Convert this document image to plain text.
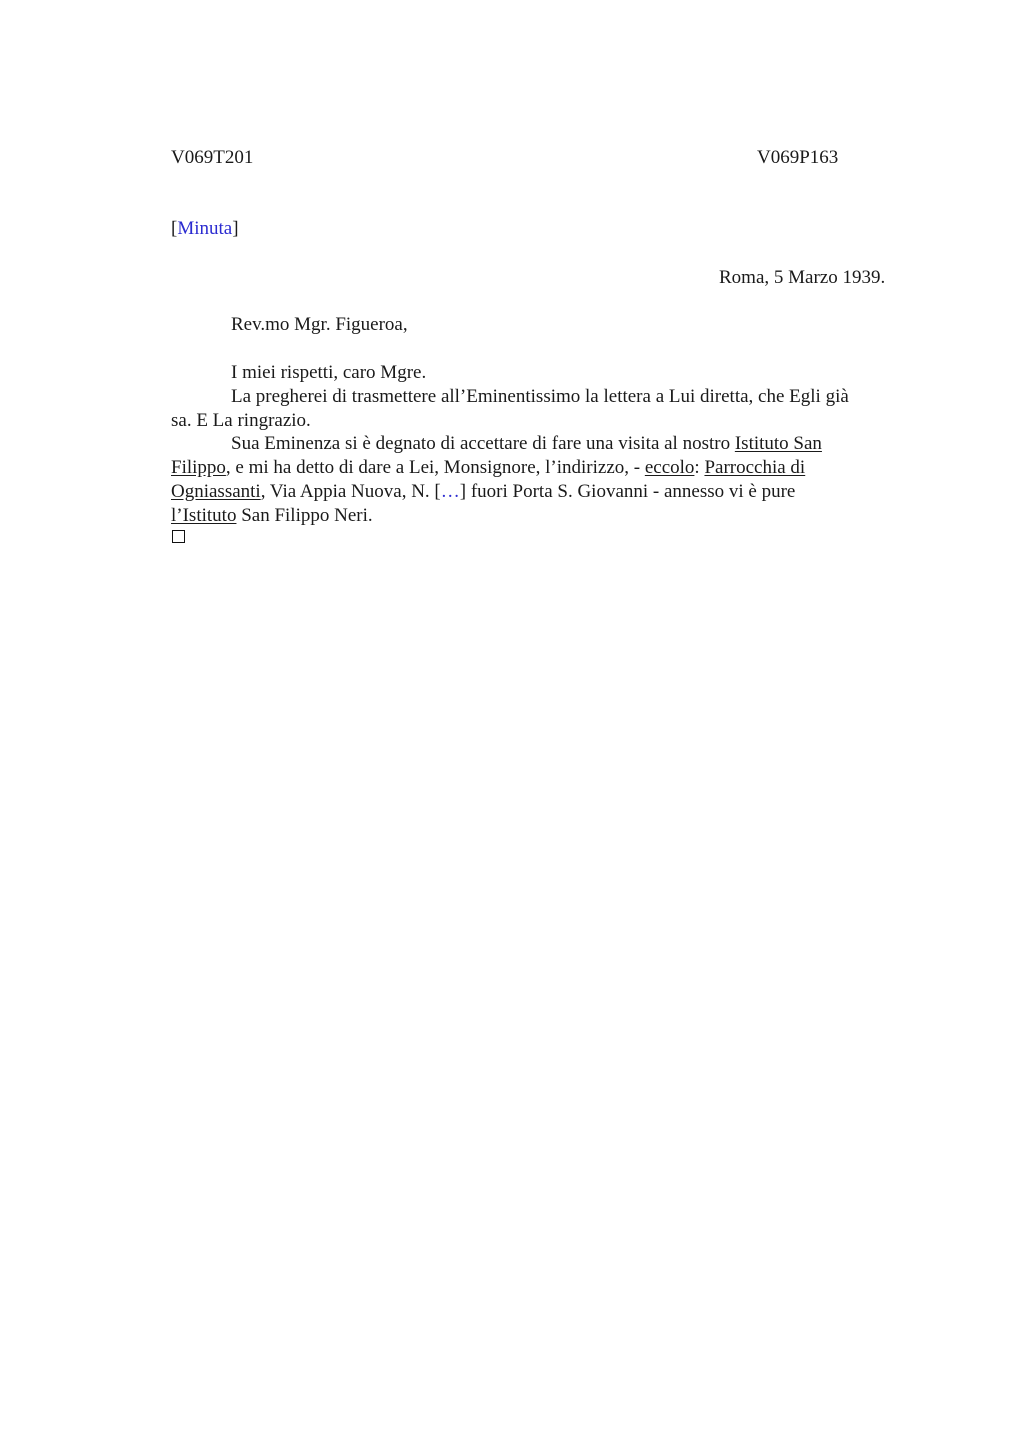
V069T201	V069P163
[Minuta]
Roma, 5 Marzo 1939.
Rev.mo Mgr. Figueroa,
I miei rispetti, caro Mgre.
La pregherei di trasmettere all’Eminentissimo la lettera a Lui diretta, che Egli già
sa. E La ringrazio.
Sua Eminenza si è degnato di accettare di fare una visita al nostro Istituto San
Filippo, e mi ha detto di dare a Lei, Monsignore, l’indirizzo, - eccolo: Parrocchia di
Ogniassanti, Via Appia Nuova, N. […] fuori Porta S. Giovanni - annesso vi è pure
l’Istituto San Filippo Neri.
